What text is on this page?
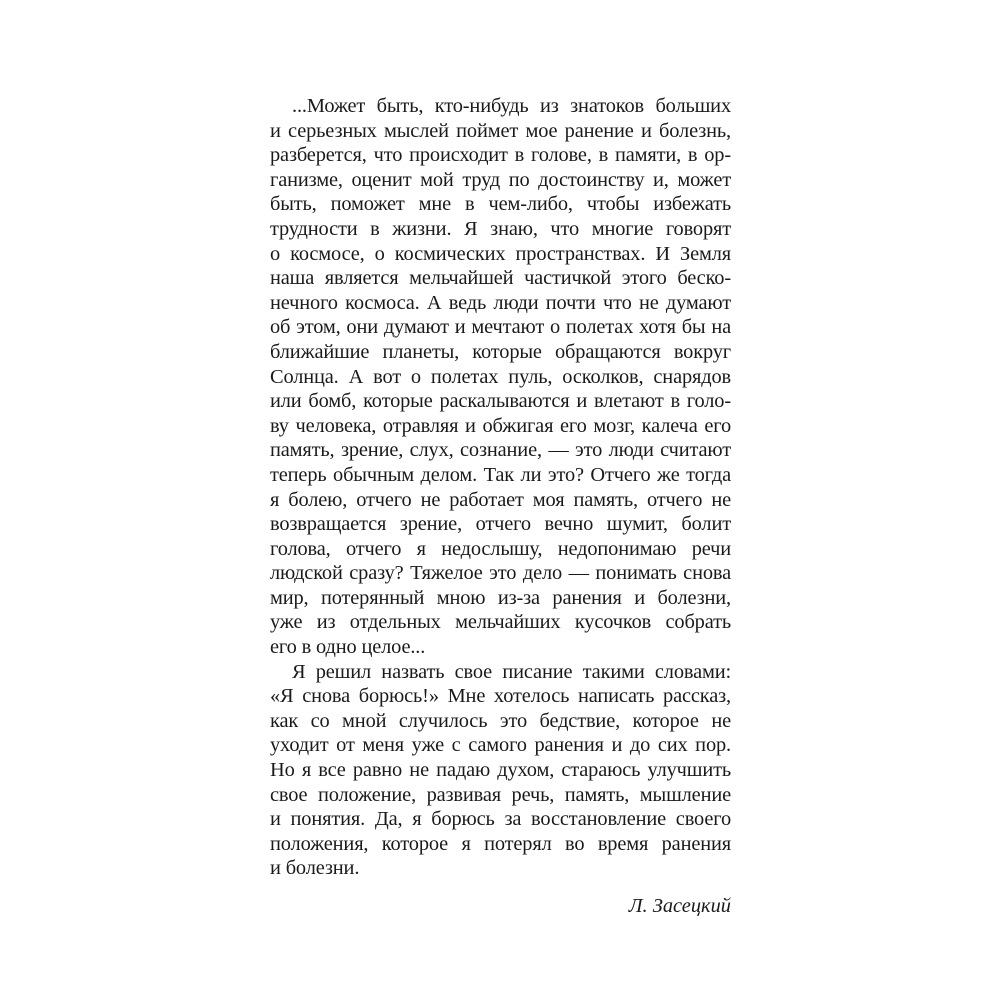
...Может быть, кто-нибудь из знатоков больших
и серьезных мыслей поймет мое ранение и болезнь,
разберется, что происходит в голове, в памяти, в ор-
ганизме, оценит мой труд по достоинству и, может
быть, поможет мне в чем-либо, чтобы избежать
трудности в жизни. Я знаю, что многие говорят
о космосе, о космических пространствах. И Земля
наша является мельчайшей частичкой этого беско-
нечного космоса. А ведь люди почти что не думают
об этом, они думают и мечтают о полетах хотя бы на
ближайшие планеты, которые обращаются вокруг
Солнца. А вот о полетах пуль, осколков, снарядов
или бомб, которые раскалываются и влетают в голо-
ву человека, отравляя и обжигая его мозг, калеча его
память, зрение, слух, сознание, — это люди считают
теперь обычным делом. Так ли это? Отчего же тогда
я болею, отчего не работает моя память, отчего не
возвращается зрение, отчего вечно шумит, болит
голова, отчего я недослышу, недопонимаю речи
людской сразу? Тяжелое это дело — понимать снова
мир, потерянный мною из-за ранения и болезни,
уже из отдельных мельчайших кусочков собрать
его в одно целое...
Я решил назвать свое писание такими словами:
«Я снова борюсь!» Мне хотелось написать рассказ,
как со мной случилось это бедствие, которое не
уходит от меня уже с самого ранения и до сих пор.
Но я все равно не падаю духом, стараюсь улучшить
свое положение, развивая речь, память, мышление
и понятия. Да, я борюсь за восстановление своего
положения, которое я потерял во время ранения
и болезни.
Л. Засецкий
